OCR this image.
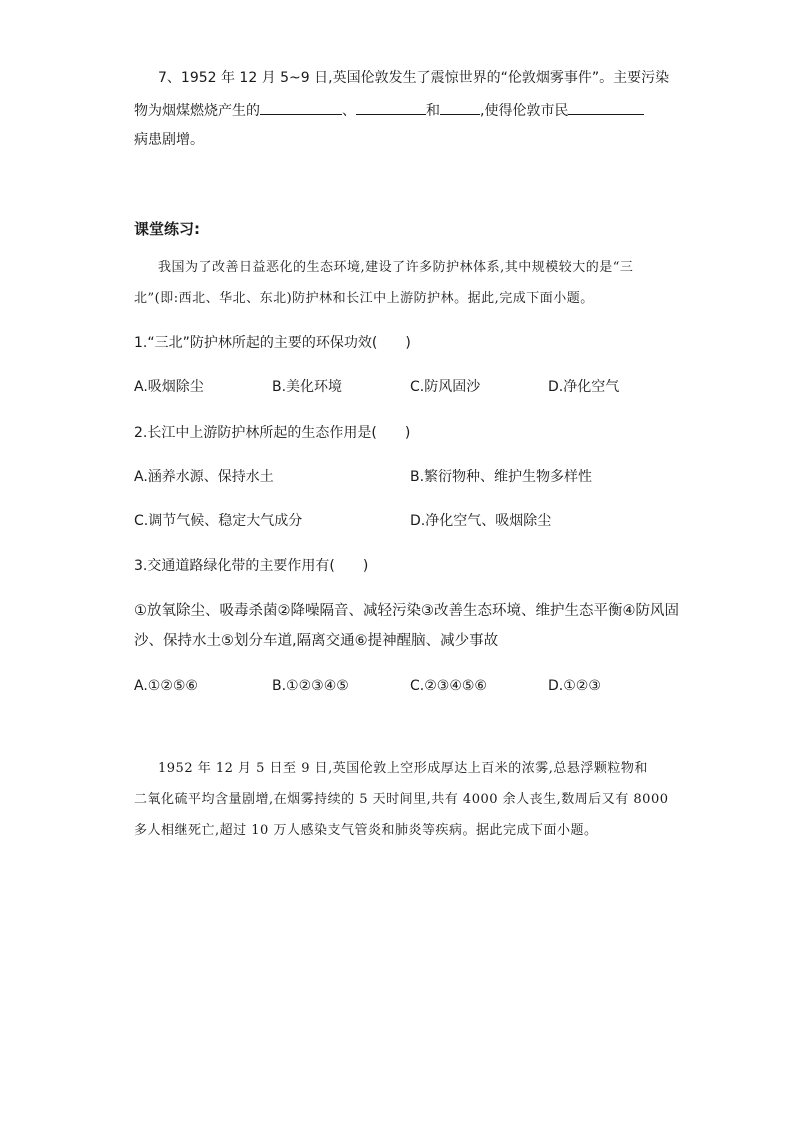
7、1952 年 12 月 5~9 日,英国伦敦发生了震惊世界的“伦敦烟雾事件”。主要污染
物为烟煤燃烧产生的	、	和	,使得伦敦市民
病患剧增。
课堂练习:
我国为了改善日益恶化的生态环境,建设了许多防护林体系,其中规模较大的是“三
北”(即:西北、华北、东北)防护林和长江中上游防护林。据此,完成下面小题。
1.“三北”防护林所起的主要的环保功效(　　)
A.吸烟除尘	B.美化环境	C.防风固沙	D.净化空气
2.长江中上游防护林所起的生态作用是(　　)
A.涵养水源、保持水土	B.繁衍物种、维护生物多样性
C.调节气候、稳定大气成分	D.净化空气、吸烟除尘
3.交通道路绿化带的主要作用有(　　)
①放氧除尘、吸毒杀菌②降噪隔音、减轻污染③改善生态环境、维护生态平衡④防风固
沙、保持水土⑤划分车道,隔离交通⑥提神醒脑、减少事故
A.①②⑤⑥	B.①②③④⑤	C.②③④⑤⑥	D.①②③
1952 年 12 月 5 日至 9 日,英国伦敦上空形成厚达上百米的浓雾,总悬浮颗粒物和
二氧化硫平均含量剧增,在烟雾持续的 5 天时间里,共有 4000 余人丧生,数周后又有 8000
多人相继死亡,超过 10 万人感染支气管炎和肺炎等疾病。据此完成下面小题。
